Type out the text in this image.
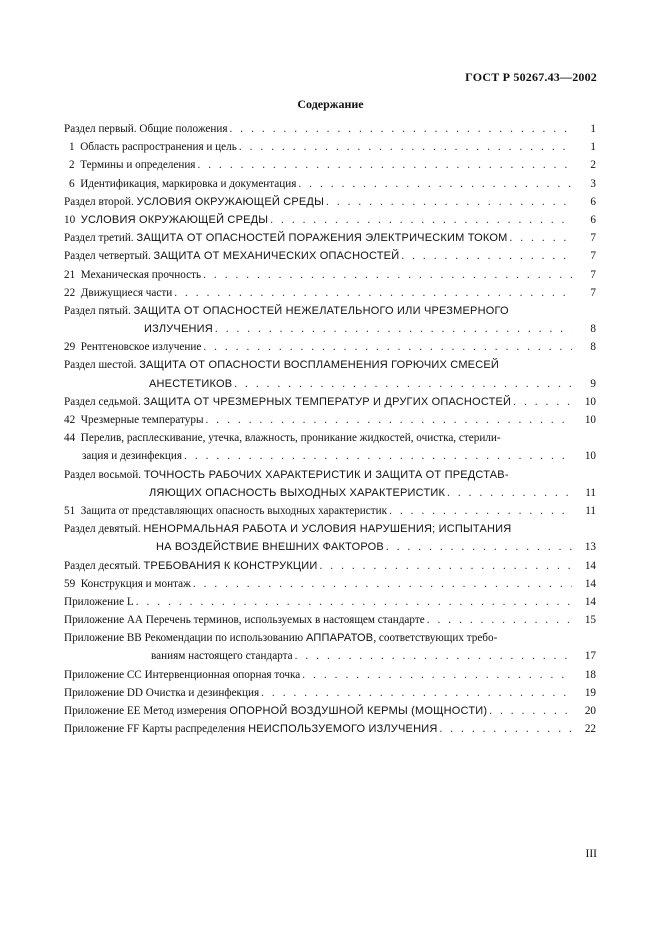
ГОСТ Р 50267.43—2002
Содержание
Раздел первый. Общие положения . . .	1
1  Область распространения и цель . . .	1
2  Термины и определения . . .	2
6  Идентификация, маркировка и документация . . .	3
Раздел второй. УСЛОВИЯ ОКРУЖАЮЩЕЙ СРЕДЫ . . .	6
10  УСЛОВИЯ ОКРУЖАЮЩЕЙ СРЕДЫ . . .	6
Раздел третий. ЗАЩИТА ОТ ОПАСНОСТЕЙ ПОРАЖЕНИЯ ЭЛЕКТРИЧЕСКИМ ТОКОМ . . .	7
Раздел четвертый. ЗАЩИТА ОТ МЕХАНИЧЕСКИХ ОПАСНОСТЕЙ . . .	7
21  Механическая прочность . . .	7
22  Движущиеся части . . .	7
Раздел пятый. ЗАЩИТА ОТ ОПАСНОСТЕЙ НЕЖЕЛАТЕЛЬНОГО ИЛИ ЧРЕЗМЕРНОГО
ИЗЛУЧЕНИЯ . . .	8
29  Рентгеновское излучение . . .	8
Раздел шестой. ЗАЩИТА ОТ ОПАСНОСТИ ВОСПЛАМЕНЕНИЯ ГОРЮЧИХ СМЕСЕЙ
АНЕСТЕТИКОВ . . .	9
Раздел седьмой. ЗАЩИТА ОТ ЧРЕЗМЕРНЫХ ТЕМПЕРАТУР И ДРУГИХ ОПАСНОСТЕЙ . . .	10
42  Чрезмерные температуры . . .	10
44  Перелив, расплескивание, утечка, влажность, проникание жидкостей, очистка, стерили-
зация и дезинфекция . . .	10
Раздел восьмой. ТОЧНОСТЬ РАБОЧИХ ХАРАКТЕРИСТИК И ЗАЩИТА ОТ ПРЕДСТАВ-
ЛЯЮЩИХ ОПАСНОСТЬ ВЫХОДНЫХ ХАРАКТЕРИСТИК . . .	11
51  Защита от представляющих опасность выходных характеристик . . .	11
Раздел девятый. НЕНОРМАЛЬНАЯ РАБОТА И УСЛОВИЯ НАРУШЕНИЯ; ИСПЫТАНИЯ
НА ВОЗДЕЙСТВИЕ ВНЕШНИХ ФАКТОРОВ . . .	13
Раздел десятый. ТРЕБОВАНИЯ К КОНСТРУКЦИИ . . .	14
59  Конструкция и монтаж . . .	14
Приложение L . . .	14
Приложение АА Перечень терминов, используемых в настоящем стандарте . . .	15
Приложение ВВ Рекомендации по использованию АППАРАТОВ, соответствующих требо-
ваниям настоящего стандарта . . .	17
Приложение СС Интервенционная опорная точка . . .	18
Приложение DD Очистка и дезинфекция . . .	19
Приложение ЕЕ Метод измерения ОПОРНОЙ ВОЗДУШНОЙ КЕРМЫ (МОЩНОСТИ) . . .	20
Приложение FF Карты распределения НЕИСПОЛЬЗУЕМОГО ИЗЛУЧЕНИЯ . . .	22
III
